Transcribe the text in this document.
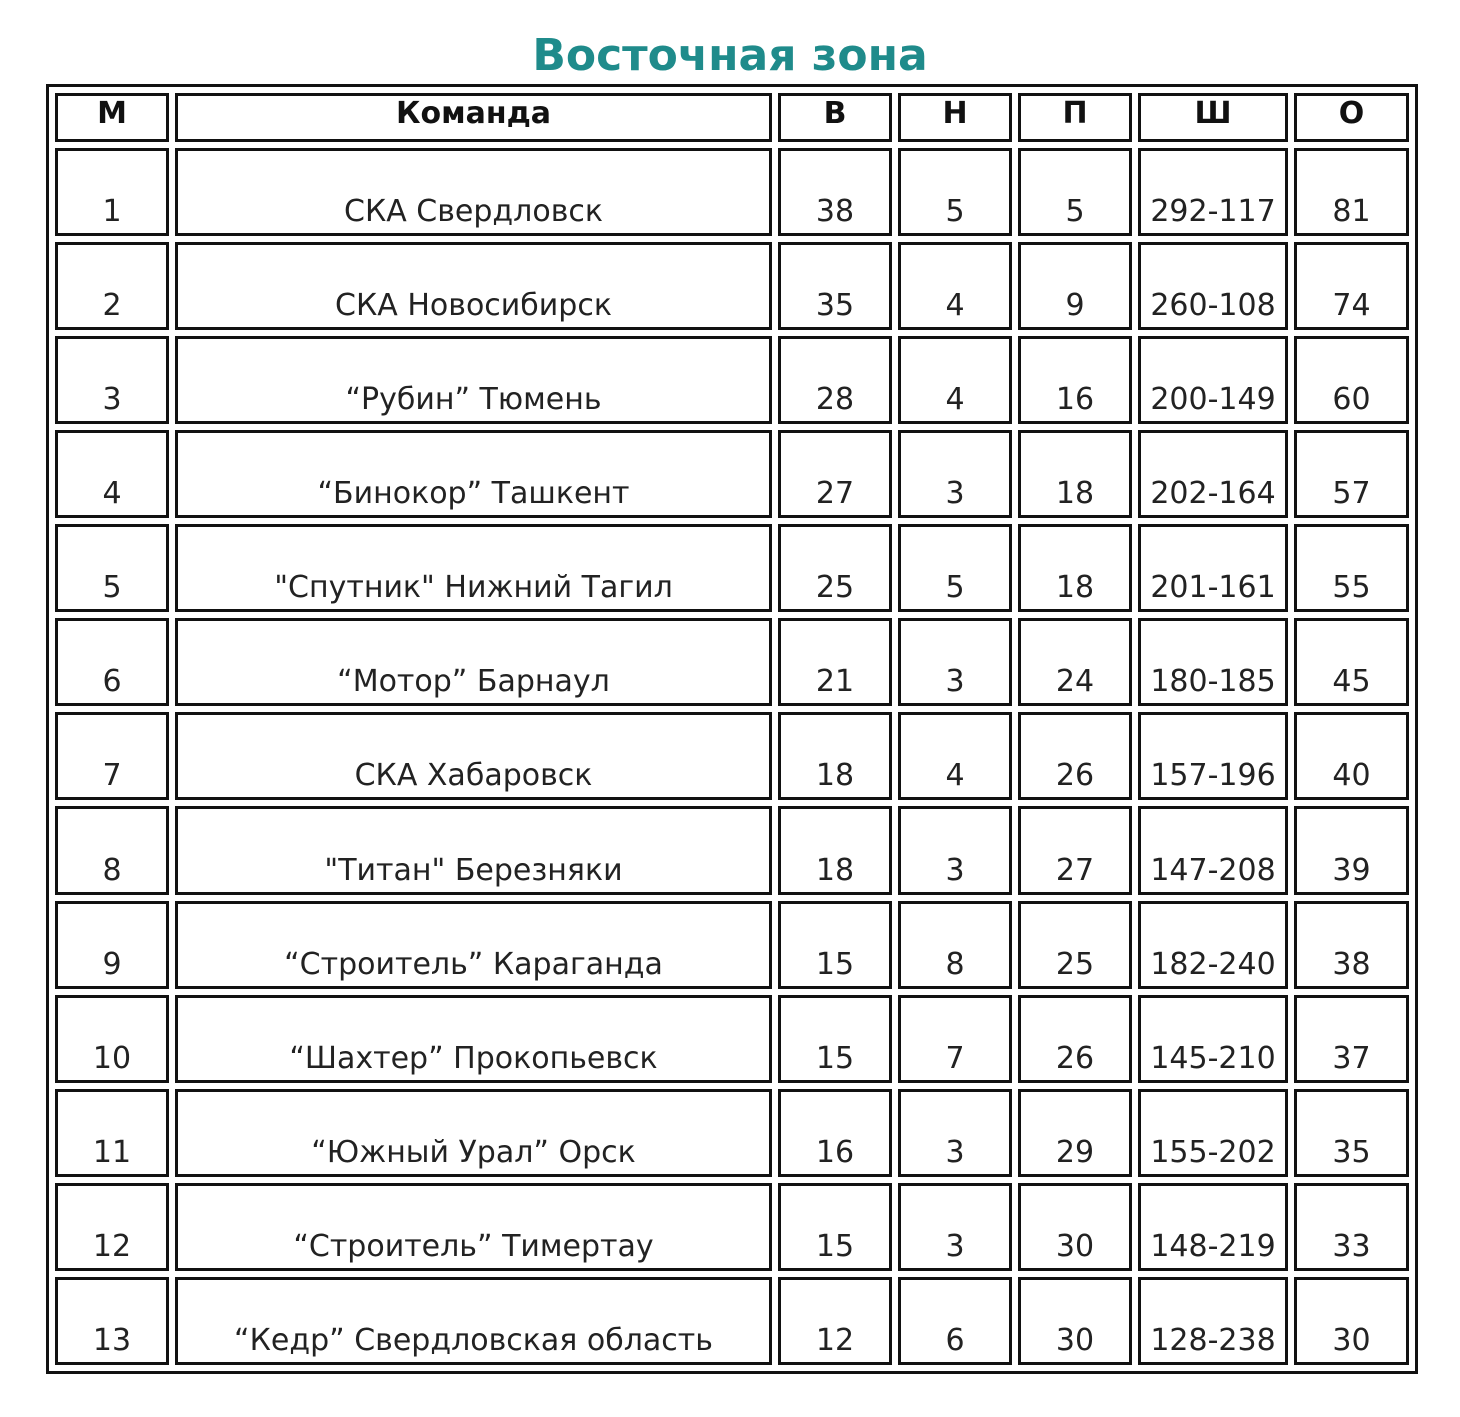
Восточная зона
М	Команда	В	Н	П	Ш	О
1	СКА Свердловск	38	5	5	292-117	81
2	СКА Новосибирск	35	4	9	260-108	74
3	“Рубин” Тюмень	28	4	16	200-149	60
4	“Бинокор” Ташкент	27	3	18	202-164	57
5	"Спутник" Нижний Тагил	25	5	18	201-161	55
6	“Мотор” Барнаул	21	3	24	180-185	45
7	СКА Хабаровск	18	4	26	157-196	40
8	"Титан" Березняки	18	3	27	147-208	39
9	“Строитель” Караганда	15	8	25	182-240	38
10	“Шахтер” Прокопьевск	15	7	26	145-210	37
11	“Южный Урал” Орск	16	3	29	155-202	35
12	“Строитель” Тимертау	15	3	30	148-219	33
13	“Кедр” Свердловская область	12	6	30	128-238	30
